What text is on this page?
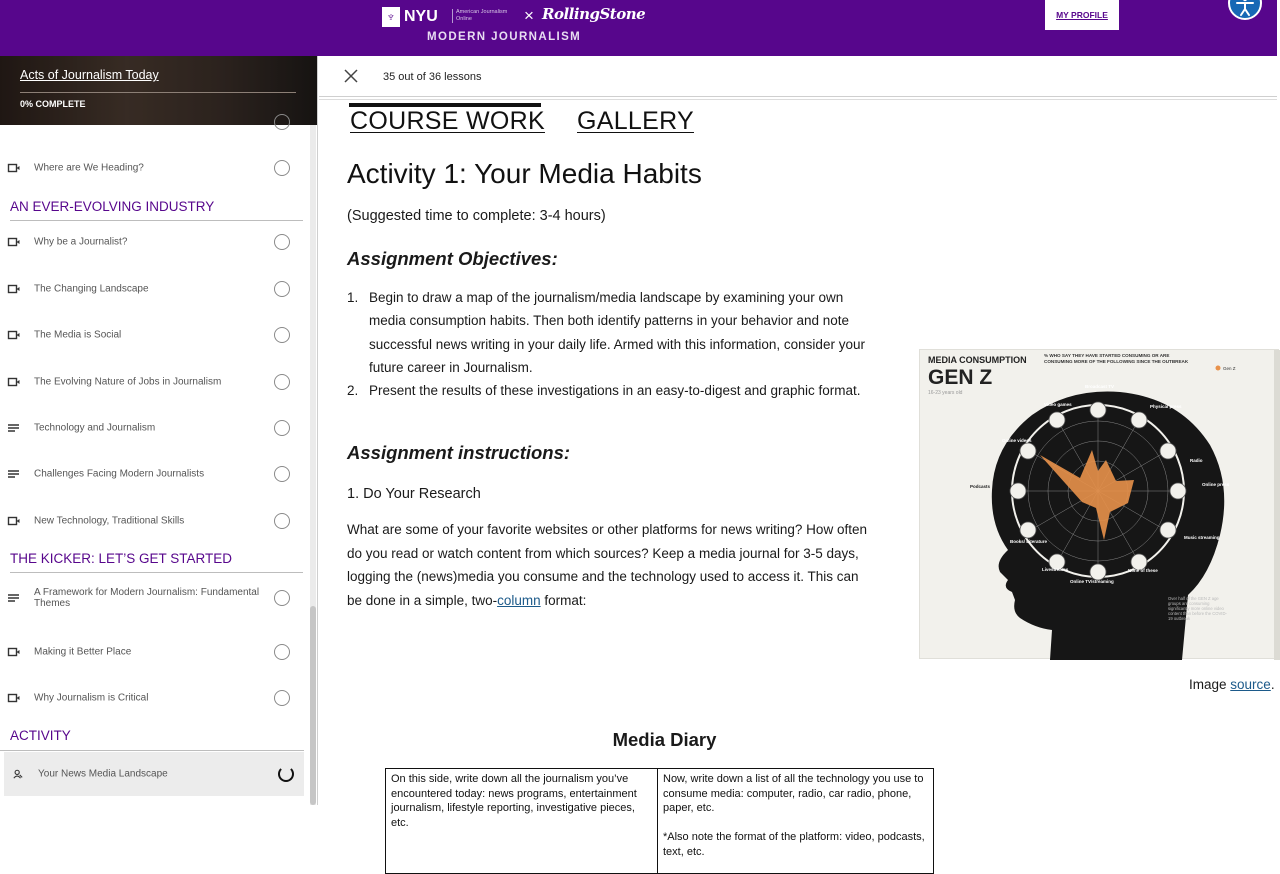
♆ NYU	American Journalism Online	× RollingStone
MODERN JOURNALISM
MY PROFILE
Acts of Journalism Today
0% COMPLETE
Where are We Heading?
AN EVER-EVOLVING INDUSTRY
Why be a Journalist?
The Changing Landscape
The Media is Social
The Evolving Nature of Jobs in Journalism
Technology and Journalism
Challenges Facing Modern Journalists
New Technology, Traditional Skills
THE KICKER: LET’S GET STARTED
A Framework for Modern Journalism: Fundamental Themes
Making it Better Place
Why Journalism is Critical
ACTIVITY
Your News Media Landscape
35 out of 36 lessons
COURSE WORK GALLERY
Activity 1: Your Media Habits
(Suggested time to complete: 3-4 hours)
Assignment Objectives:
1. Begin to draw a map of the journalism/media landscape by examining your own media consumption habits. Then both identify patterns in your behavior and note successful news writing in your daily life. Armed with this information, consider your future career in Journalism.
2. Present the results of these investigations in an easy-to-digest and graphic format.
Assignment instructions:
1. Do Your Research
What are some of your favorite websites or other platforms for news writing? How often do you read or watch content from which sources? Keep a media journal for 3-5 days, logging the (news)media you consume and the technology used to access it. This can be done in a simple, two-column format:
MEDIA CONSUMPTION
GEN Z
16-23 years old
% WHO SAY THEY HAVE STARTED CONSUMING OR ARE CONSUMING MORE OF THE FOLLOWING SINCE THE OUTBREAK
Gen Z
Broadcast TV
Physical press
Radio
Online press
Music streaming
None of these
Online TV/streaming
Livestreams
Books/ Literature
Podcasts
Online videos
Video games
Over half of the GEN Z age groups are consuming significantly more online video content than before the COVID-19 outbreak
Image source.
Media Diary

On this side, write down all the journalism you’ve encountered today: news programs, entertainment journalism, lifestyle reporting, investigative pieces, etc.

Now, write down a list of all the technology you use to consume media: computer, radio, car radio, phone, paper, etc.

*Also note the format of the platform: video, podcasts, text, etc.
